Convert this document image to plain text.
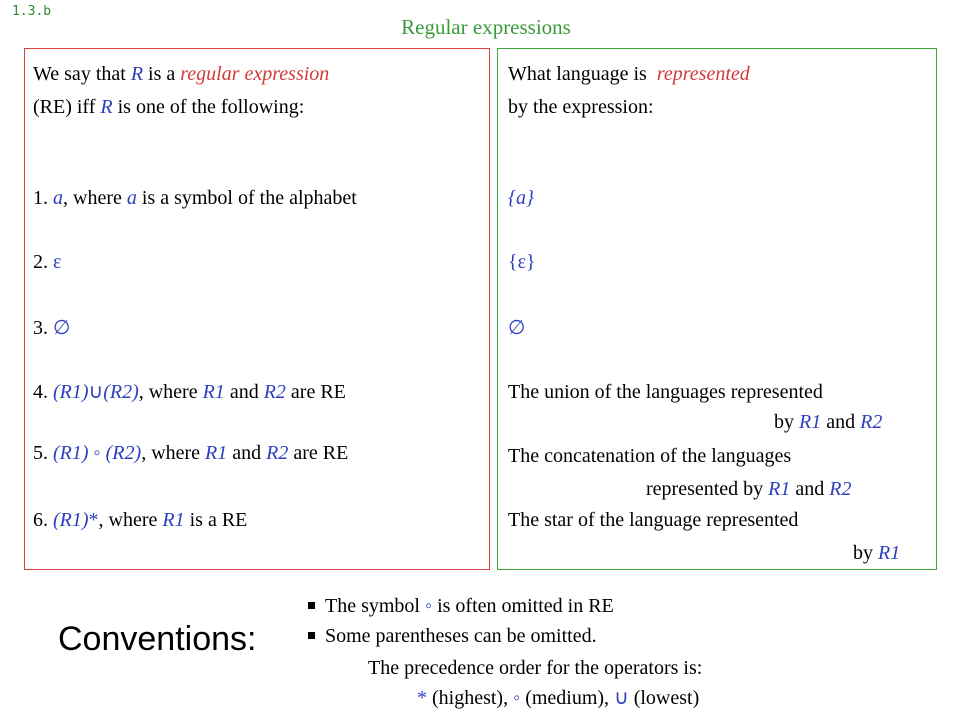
1.3.b
Regular expressions
We say that R is a regular expression
(RE) iff R is one of the following:
1. a, where a is a symbol of the alphabet
2. ε
3. ∅
4. (R1)∪(R2), where R1 and R2 are RE
5. (R1) ◦ (R2), where R1 and R2 are RE
6. (R1)*, where R1 is a RE
What language is  represented
by the expression:
{a}
{ε}
∅
The union of the languages represented
by R1 and R2
The concatenation of the languages
represented by R1 and R2
The star of the language represented
by R1
Conventions:
The symbol ◦ is often omitted in RE
Some parentheses can be omitted.
The precedence order for the operators is:
* (highest), ◦ (medium), ∪ (lowest)
